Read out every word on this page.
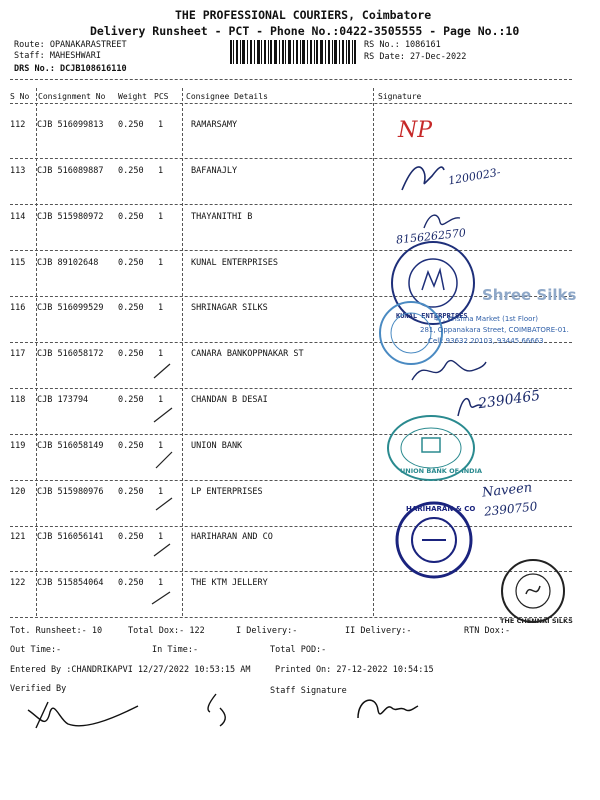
THE PROFESSIONAL COURIERS, Coimbatore
Delivery Runsheet - PCT - Phone No.:0422-3505555 - Page No.:10
Route: OPANAKARASTREET
Staff: MAHESHWARI
DRS No.: DCJB108616110
RS No.: 1086161
RS Date: 27-Dec-2022
S No Consignment No Weight PCS Consignee Details	Signature
112 CJB 516099813 0.250 1	RAMARSAMY
113 CJB 516089887 0.250 1	BAFANAJLY
114 CJB 515980972 0.250 1	THAYANITHI B
115 CJB 89102648 0.250 1	KUNAL ENTERPRISES
116 CJB 516099529 0.250 1	SHRINAGAR SILKS
117 CJB 516058172 0.250 1	CANARA BANKOPPNAKAR ST
118 CJB 173794	0.250 1	CHANDAN B DESAI
119 CJB 516058149 0.250 1	UNION BANK
120 CJB 515980976 0.250 1	LP ENTERPRISES
121 CJB 516056141 0.250 1	HARIHARAN AND CO
122 CJB 515854064 0.250 1	THE KTM JELLERY
NP
1200023-
8156262570
KUNAL ENTERPRISES
Shree Silks
47, Krishna Market (1st Floor)
281, Oppanakara Street, COIMBATORE-01.
Cell: 93632 20103, 93445 66663
2390465
UNION BANK OF INDIA
Naveen
2390750
HARIHARAN & CO
THE CHENNAI SILKS
Tot. Runsheet:- 10	Total Dox:- 122	I Delivery:-	II Delivery:-	RTN Dox:-
Out Time:-	In Time:-	Total POD:-
Entered By :CHANDRIKAPVI 12/27/2022 10:53:15 AM	Printed On: 27-12-2022 10:54:15
Verified By	Staff Signature
